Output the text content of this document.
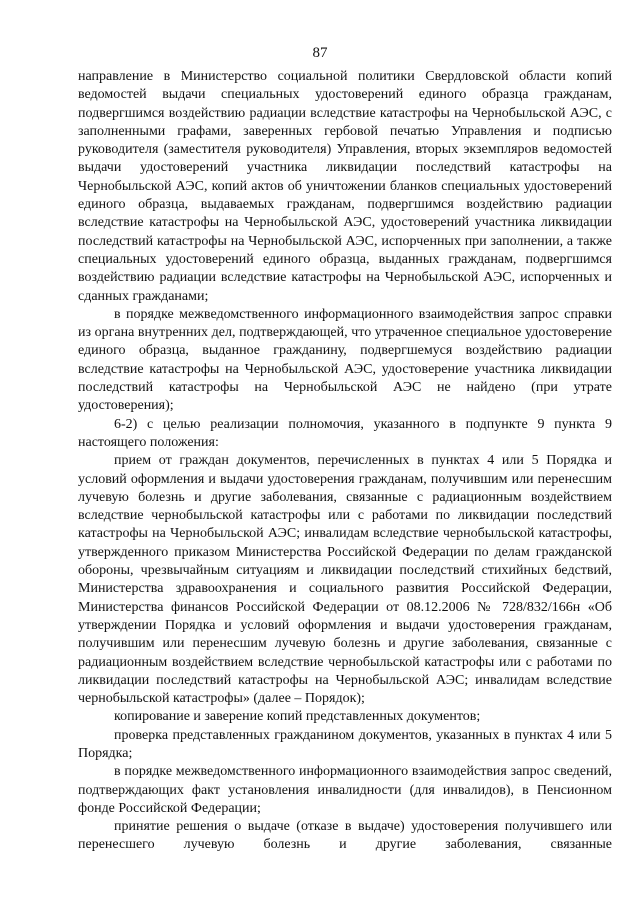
87

направление в Министерство социальной политики Свердловской области копий ведомостей выдачи специальных удостоверений единого образца гражданам, подвергшимся воздействию радиации вследствие катастрофы на Чернобыльской АЭС, с заполненными графами, заверенных гербовой печатью Управления и подписью руководителя (заместителя руководителя) Управления, вторых экземпляров ведомостей выдачи удостоверений участника ликвидации последствий катастрофы на Чернобыльской АЭС, копий актов об уничтожении бланков специальных удостоверений единого образца, выдаваемых гражданам, подвергшимся воздействию радиации вследствие катастрофы на Чернобыльской АЭС, удостоверений участника ликвидации последствий катастрофы на Чернобыльской АЭС, испорченных при заполнении, а также специальных удостоверений единого образца, выданных гражданам, подвергшимся воздействию радиации вследствие катастрофы на Чернобыльской АЭС, испорченных и сданных гражданами;

в порядке межведомственного информационного взаимодействия запрос справки из органа внутренних дел, подтверждающей, что утраченное специальное удостоверение единого образца, выданное гражданину, подвергшемуся воздействию радиации вследствие катастрофы на Чернобыльской АЭС, удостоверение участника ликвидации последствий катастрофы на Чернобыльской АЭС не найдено (при утрате удостоверения);

6-2) с целью реализации полномочия, указанного в подпункте 9 пункта 9 настоящего положения:

прием от граждан документов, перечисленных в пунктах 4 или 5 Порядка и условий оформления и выдачи удостоверения гражданам, получившим или перенесшим лучевую болезнь и другие заболевания, связанные с радиационным воздействием вследствие чернобыльской катастрофы или с работами по ликвидации последствий катастрофы на Чернобыльской АЭС; инвалидам вследствие чернобыльской катастрофы, утвержденного приказом Министерства Российской Федерации по делам гражданской обороны, чрезвычайным ситуациям и ликвидации последствий стихийных бедствий, Министерства здравоохранения и социального развития Российской Федерации, Министерства финансов Российской Федерации от 08.12.2006 № 728/832/166н «Об утверждении Порядка и условий оформления и выдачи удостоверения гражданам, получившим или перенесшим лучевую болезнь и другие заболевания, связанные с радиационным воздействием вследствие чернобыльской катастрофы или с работами по ликвидации последствий катастрофы на Чернобыльской АЭС; инвалидам вследствие чернобыльской катастрофы» (далее – Порядок);

копирование и заверение копий представленных документов;

проверка представленных гражданином документов, указанных в пунктах 4 или 5 Порядка;

в порядке межведомственного информационного взаимодействия запрос сведений, подтверждающих факт установления инвалидности (для инвалидов), в Пенсионном фонде Российской Федерации;

принятие решения о выдаче (отказе в выдаче) удостоверения получившего или перенесшего лучевую болезнь и другие заболевания, связанные
